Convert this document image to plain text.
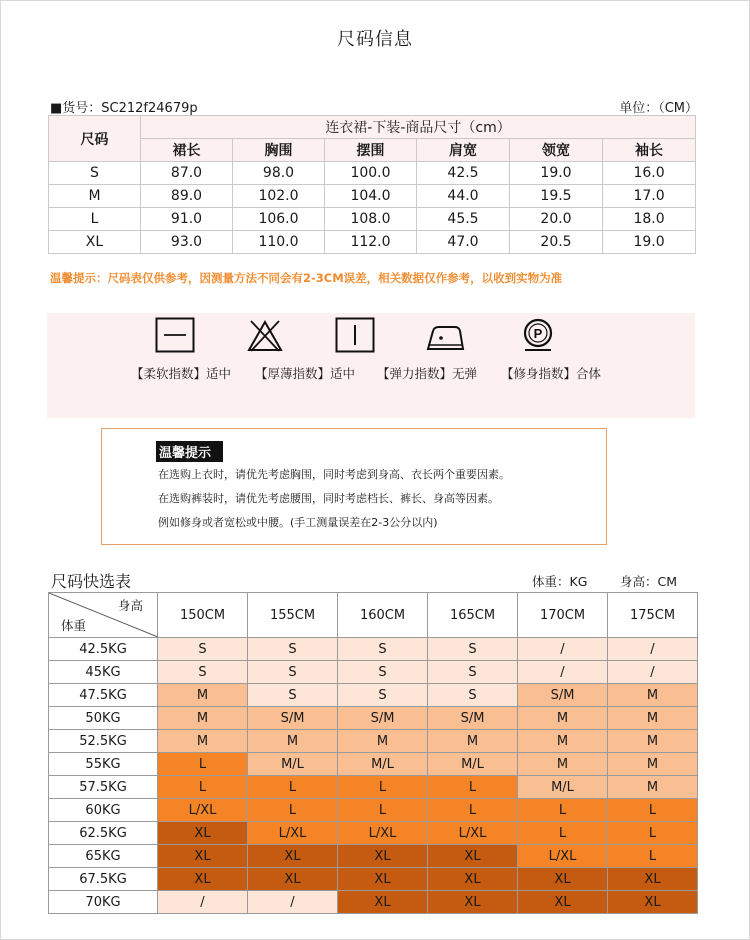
尺码信息
■货号：SC212f24679p	单位：（CM）
尺码	连衣裙-下装-商品尺寸（cm）					
	裙长	胸围	摆围	肩宽	领宽	袖长
S	87.0	98.0	100.0	42.5	19.0	16.0
M	89.0	102.0	104.0	44.0	19.5	17.0
L	91.0	106.0	108.0	45.5	20.0	18.0
XL	93.0	110.0	112.0	47.0	20.5	19.0
温馨提示：尺码表仅供参考，因测量方法不同会有2-3CM误差，相关数据仅作参考，以收到实物为准
P
【柔软指数】适中 【厚薄指数】适中 【弹力指数】无弹 【修身指数】合体
温馨提示
在选购上衣时，请优先考虑胸围，同时考虑到身高、衣长两个重要因素。
在选购裤装时，请优先考虑腰围，同时考虑档长、裤长、身高等因素。
例如修身或者宽松或中腰。(手工测量误差在2-3公分以内)
尺码快选表	体重：KG	身高：CM
身高
体重	150CM	155CM	160CM	165CM	170CM	175CM
42.5KG	S	S	S	S	/	/
45KG	S	S	S	S	/	/
47.5KG	M	S	S	S	S/M	M
50KG	M	S/M	S/M	S/M	M	M
52.5KG	M	M	M	M	M	M
55KG	L	M/L	M/L	M/L	M	M
57.5KG	L	L	L	L	M/L	M
60KG	L/XL	L	L	L	L	L
62.5KG	XL	L/XL	L/XL	L/XL	L	L
65KG	XL	XL	XL	XL	L/XL	L
67.5KG	XL	XL	XL	XL	XL	XL
70KG	/	/	XL	XL	XL	XL
